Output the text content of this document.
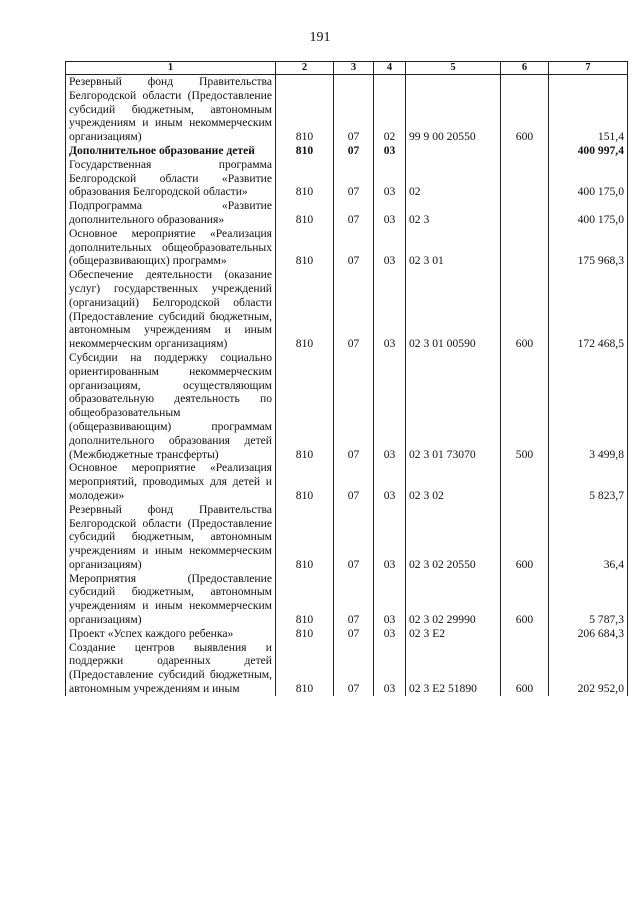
191
1	2	3	4	5	6	7
Резервный фонд Правительства Белгородской области (Предоставление субсидий бюджетным, автономным учреждениям и иным некоммерческим организациям)	810	07	02	99 9 00 20550	600	151,4
Дополнительное образование детей	810	07	03			400 997,4
Государственная программа Белгородской области «Развитие образования Белгородской области»	810	07	03	02		400 175,0
Подпрограмма «Развитие дополнительного образования»	810	07	03	02 3		400 175,0
Основное мероприятие «Реализация дополнительных общеобразовательных (общеразвивающих) программ»	810	07	03	02 3 01		175 968,3
Обеспечение деятельности (оказание услуг) государственных учреждений (организаций) Белгородской области (Предоставление субсидий бюджетным, автономным учреждениям и иным некоммерческим организациям)	810	07	03	02 3 01 00590	600	172 468,5
Субсидии на поддержку социально ориентированным некоммерческим организациям, осуществляющим образовательную деятельность по общеобразовательным (общеразвивающим) программам дополнительного образования детей (Межбюджетные трансферты)	810	07	03	02 3 01 73070	500	3 499,8
Основное мероприятие «Реализация мероприятий, проводимых для детей и молодежи»	810	07	03	02 3 02		5 823,7
Резервный фонд Правительства Белгородской области (Предоставление субсидий бюджетным, автономным учреждениям и иным некоммерческим организациям)	810	07	03	02 3 02 20550	600	36,4
Мероприятия (Предоставление субсидий бюджетным, автономным учреждениям и иным некоммерческим организациям)	810	07	03	02 3 02 29990	600	5 787,3
Проект «Успех каждого ребенка»	810	07	03	02 3 E2		206 684,3
Создание центров выявления и поддержки одаренных детей (Предоставление субсидий бюджетным, автономным учреждениям и иным	810	07	03	02 3 E2 51890	600	202 952,0
